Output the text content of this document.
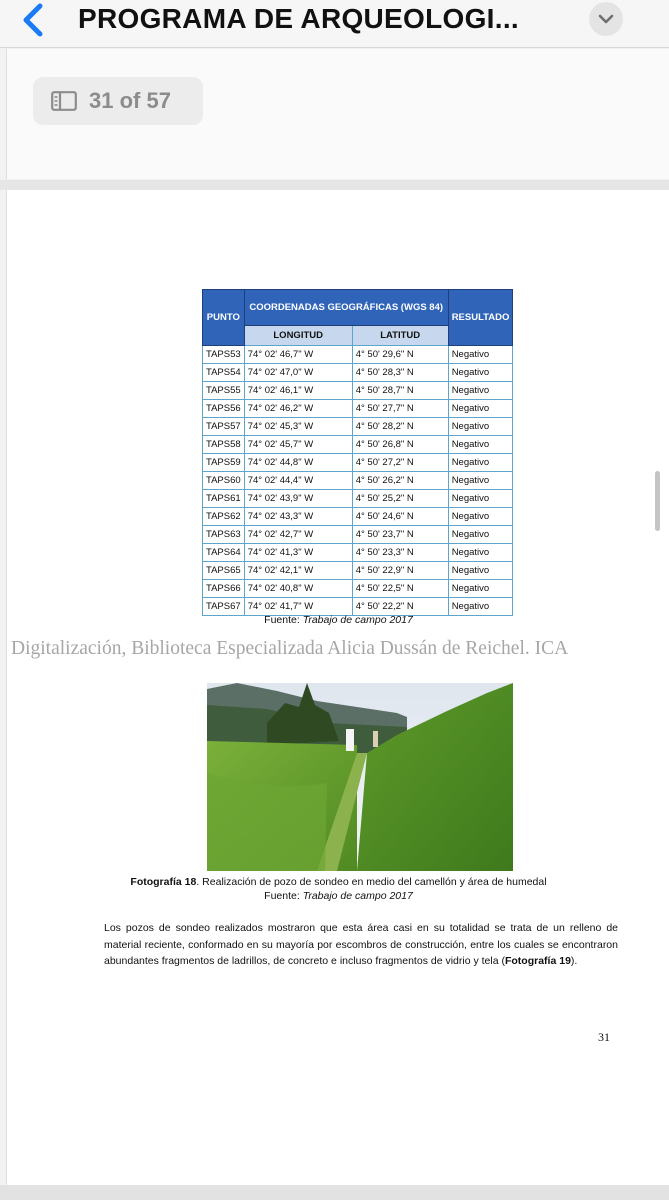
PROGRAMA DE ARQUEOLOGI...
31 of 57
PUNTO	COORDENADAS GEOGRÁFICAS (WGS 84)		RESULTADO
	LONGITUD	LATITUD	
TAPS53	74° 02' 46,7" W	4° 50' 29,6" N	Negativo
TAPS54	74° 02' 47,0" W	4° 50' 28,3" N	Negativo
TAPS55	74° 02' 46,1" W	4° 50' 28,7" N	Negativo
TAPS56	74° 02' 46,2" W	4° 50' 27,7" N	Negativo
TAPS57	74° 02' 45,3" W	4° 50' 28,2" N	Negativo
TAPS58	74° 02' 45,7" W	4° 50' 26,8" N	Negativo
TAPS59	74° 02' 44,8" W	4° 50' 27,2" N	Negativo
TAPS60	74° 02' 44,4" W	4° 50' 26,2" N	Negativo
TAPS61	74° 02' 43,9" W	4° 50' 25,2" N	Negativo
TAPS62	74° 02' 43,3" W	4° 50' 24,6" N	Negativo
TAPS63	74° 02' 42,7" W	4° 50' 23,7" N	Negativo
TAPS64	74° 02' 41,3" W	4° 50' 23,3" N	Negativo
TAPS65	74° 02' 42,1" W	4° 50' 22,9" N	Negativo
TAPS66	74° 02' 40,8" W	4° 50' 22,5" N	Negativo
TAPS67	74° 02' 41,7" W	4° 50' 22,2" N	Negativo
Fuente: Trabajo de campo 2017
Digitalización, Biblioteca Especializada Alicia Dussán de Reichel. ICA
Fotografía 18. Realización de pozo de sondeo en medio del camellón y área de humedal
Fuente: Trabajo de campo 2017
Los pozos de sondeo realizados mostraron que esta área casi en su totalidad se trata de un relleno de material reciente, conformado en su mayoría por escombros de construcción, entre los cuales se encontraron abundantes fragmentos de ladrillos, de concreto e incluso fragmentos de vidrio y tela (Fotografía 19).
31
